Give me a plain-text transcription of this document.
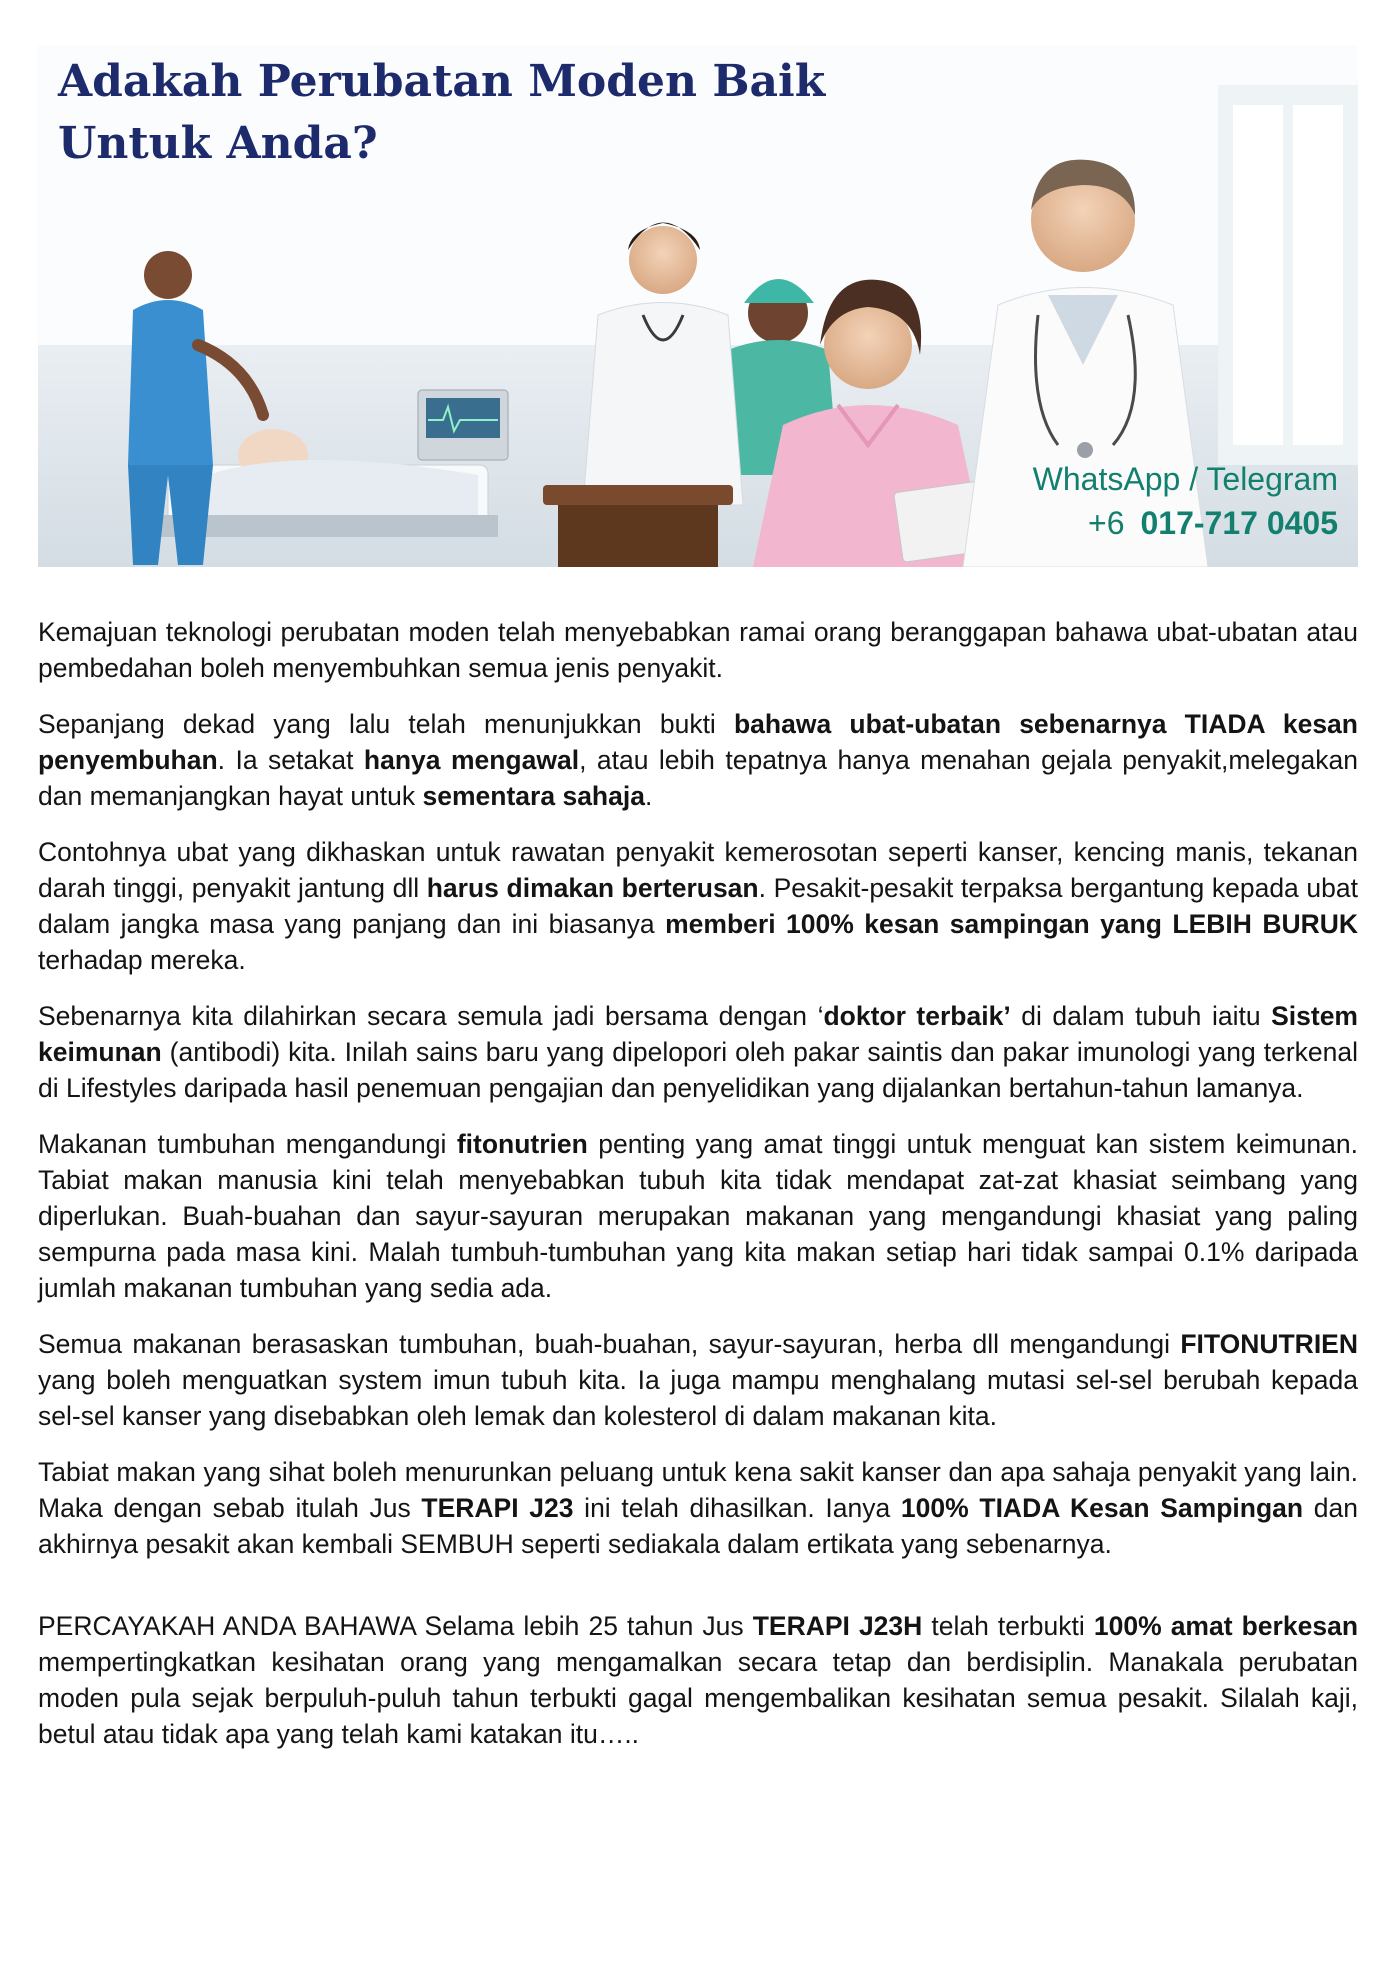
Adakah Perubatan Moden Baik
Untuk Anda?
WhatsApp / Telegram
+6 017-717 0405

Kemajuan teknologi perubatan moden telah menyebabkan ramai orang beranggapan bahawa ubat-ubatan atau pembedahan boleh menyembuhkan semua jenis penyakit.

Sepanjang dekad yang lalu telah menunjukkan bukti bahawa ubat-ubatan sebenarnya TIADA kesan penyembuhan. Ia setakat hanya mengawal, atau lebih tepatnya hanya menahan gejala penyakit,melegakan dan memanjangkan hayat untuk sementara sahaja.

Contohnya ubat yang dikhaskan untuk rawatan penyakit kemerosotan seperti kanser, kencing manis, tekanan darah tinggi, penyakit jantung dll harus dimakan berterusan. Pesakit-pesakit terpaksa bergantung kepada ubat dalam jangka masa yang panjang dan ini biasanya memberi 100% kesan sampingan yang LEBIH BURUK terhadap mereka.

Sebenarnya kita dilahirkan secara semula jadi bersama dengan ‘doktor terbaik’ di dalam tubuh iaitu Sistem keimunan (antibodi) kita. Inilah sains baru yang dipelopori oleh pakar saintis dan pakar imunologi yang terkenal di Lifestyles daripada hasil penemuan pengajian dan penyelidikan yang dijalankan bertahun-tahun lamanya.

Makanan tumbuhan mengandungi fitonutrien penting yang amat tinggi untuk menguat kan sistem keimunan. Tabiat makan manusia kini telah menyebabkan tubuh kita tidak mendapat zat-zat khasiat seimbang yang diperlukan. Buah-buahan dan sayur-sayuran merupakan makanan yang mengandungi khasiat yang paling sempurna pada masa kini. Malah tumbuh-tumbuhan yang kita makan setiap hari tidak sampai 0.1% daripada jumlah makanan tumbuhan yang sedia ada.

Semua makanan berasaskan tumbuhan, buah-buahan, sayur-sayuran, herba dll mengandungi FITONUTRIEN yang boleh menguatkan system imun tubuh kita. Ia juga mampu menghalang mutasi sel-sel berubah kepada sel-sel kanser yang disebabkan oleh lemak dan kolesterol di dalam makanan kita.

Tabiat makan yang sihat boleh menurunkan peluang untuk kena sakit kanser dan apa sahaja penyakit yang lain. Maka dengan sebab itulah Jus TERAPI J23 ini telah dihasilkan. Ianya 100% TIADA Kesan Sampingan dan akhirnya pesakit akan kembali SEMBUH seperti sediakala dalam ertikata yang sebenarnya.

PERCAYAKAH ANDA BAHAWA Selama lebih 25 tahun Jus TERAPI J23H telah terbukti 100% amat berkesan mempertingkatkan kesihatan orang yang mengamalkan secara tetap dan berdisiplin. Manakala perubatan moden pula sejak berpuluh-puluh tahun terbukti gagal mengembalikan kesihatan semua pesakit. Silalah kaji, betul atau tidak apa yang telah kami katakan itu…..
